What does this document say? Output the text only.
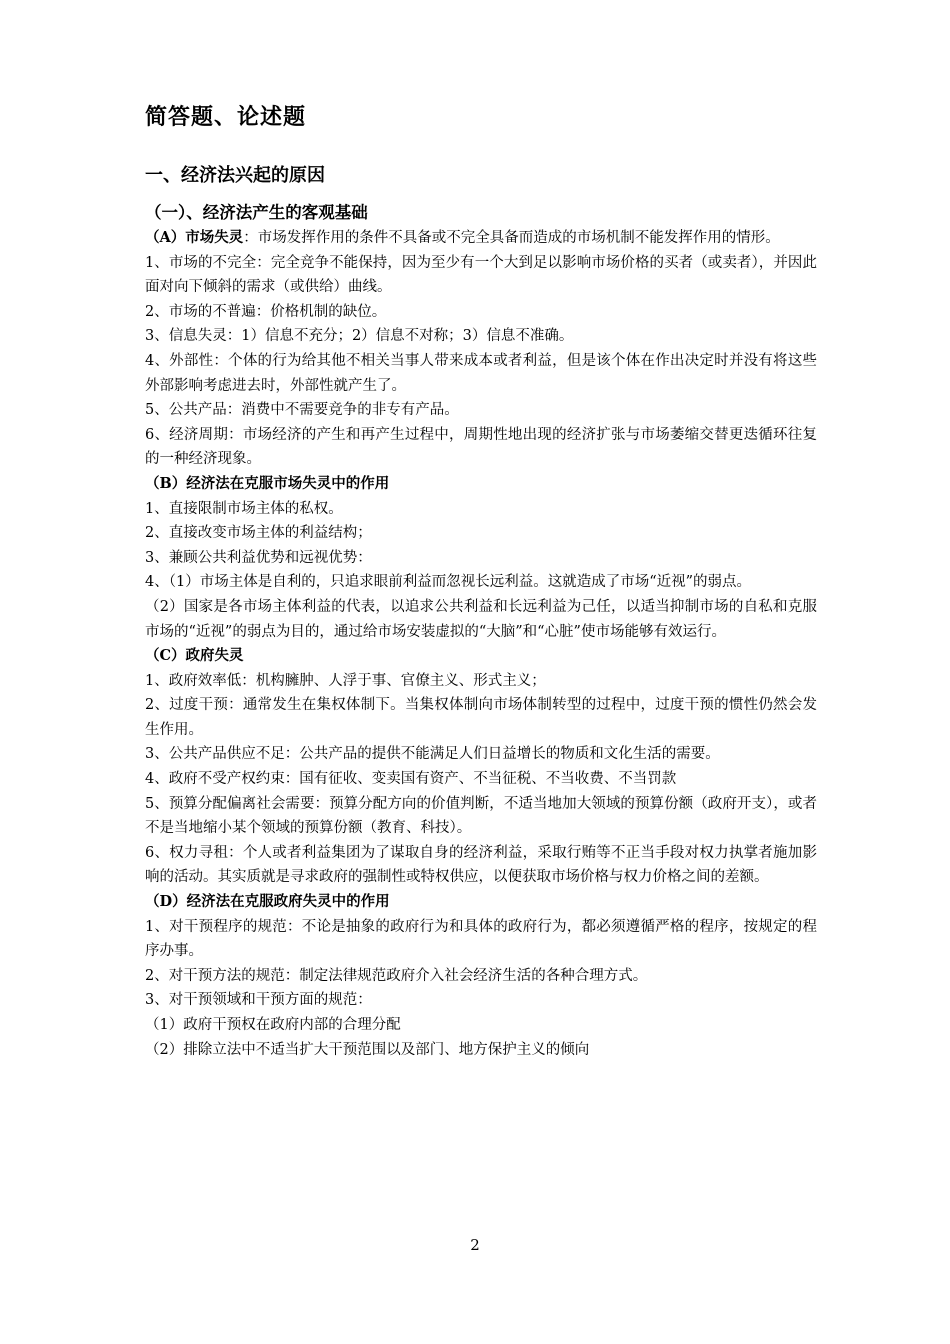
简答题、论述题
一、经济法兴起的原因

（一）、经济法产生的客观基础

（A）市场失灵：市场发挥作用的条件不具备或不完全具备而造成的市场机制不能发挥作用的情形。

1、市场的不完全：完全竞争不能保持，因为至少有一个大到足以影响市场价格的买者（或卖者），并因此面对向下倾斜的需求（或供给）曲线。

2、市场的不普遍：价格机制的缺位。

3、信息失灵：1）信息不充分；2）信息不对称；3）信息不准确。

4、外部性：个体的行为给其他不相关当事人带来成本或者利益，但是该个体在作出决定时并没有将这些外部影响考虑进去时，外部性就产生了。

5、公共产品：消费中不需要竞争的非专有产品。

6、经济周期：市场经济的产生和再产生过程中，周期性地出现的经济扩张与市场萎缩交替更迭循环往复的一种经济现象。

（B）经济法在克服市场失灵中的作用

1、直接限制市场主体的私权。

2、直接改变市场主体的利益结构；

3、兼顾公共利益优势和远视优势：

4、（1）市场主体是自利的，只追求眼前利益而忽视长远利益。这就造成了市场“近视”的弱点。

（2）国家是各市场主体利益的代表，以追求公共利益和长远利益为己任，以适当抑制市场的自私和克服市场的“近视”的弱点为目的，通过给市场安装虚拟的“大脑”和“心脏”使市场能够有效运行。

（C）政府失灵

1、政府效率低：机构臃肿、人浮于事、官僚主义、形式主义；

2、过度干预：通常发生在集权体制下。当集权体制向市场体制转型的过程中，过度干预的惯性仍然会发生作用。

3、公共产品供应不足：公共产品的提供不能满足人们日益增长的物质和文化生活的需要。

4、政府不受产权约束：国有征收、变卖国有资产、不当征税、不当收费、不当罚款

5、预算分配偏离社会需要：预算分配方向的价值判断，不适当地加大领域的预算份额（政府开支），或者不是当地缩小某个领域的预算份额（教育、科技）。

6、权力寻租：个人或者利益集团为了谋取自身的经济利益，采取行贿等不正当手段对权力执掌者施加影响的活动。其实质就是寻求政府的强制性或特权供应，以便获取市场价格与权力价格之间的差额。

（D）经济法在克服政府失灵中的作用

1、对干预程序的规范：不论是抽象的政府行为和具体的政府行为，都必须遵循严格的程序，按规定的程序办事。

2、对干预方法的规范：制定法律规范政府介入社会经济生活的各种合理方式。

3、对干预领域和干预方面的规范：

（1）政府干预权在政府内部的合理分配

（2）排除立法中不适当扩大干预范围以及部门、地方保护主义的倾向

2
